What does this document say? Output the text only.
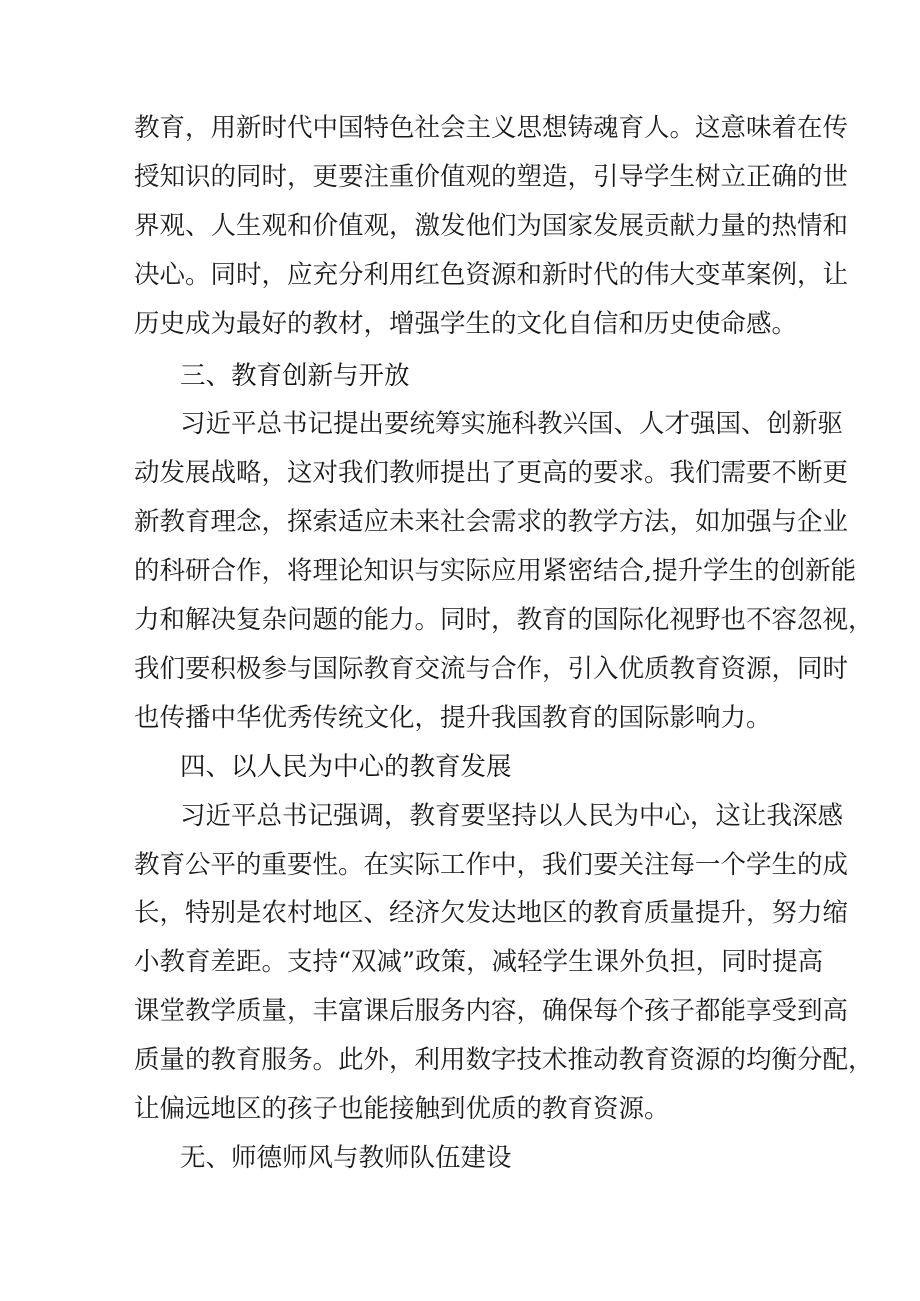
教育，用新时代中国特色社会主义思想铸魂育人。这意味着在传

授知识的同时，更要注重价值观的塑造，引导学生树立正确的世

界观、人生观和价值观，激发他们为国家发展贡献力量的热情和

决心。同时，应充分利用红色资源和新时代的伟大变革案例，让

历史成为最好的教材，增强学生的文化自信和历史使命感。

三、教育创新与开放

习近平总书记提出要统筹实施科教兴国、人才强国、创新驱

动发展战略，这对我们教师提出了更高的要求。我们需要不断更

新教育理念，探索适应未来社会需求的教学方法，如加强与企业

的科研合作，将理论知识与实际应用紧密结合,提升学生的创新能

力和解决复杂问题的能力。同时，教育的国际化视野也不容忽视，

我们要积极参与国际教育交流与合作，引入优质教育资源，同时

也传播中华优秀传统文化，提升我国教育的国际影响力。

四、以人民为中心的教育发展

习近平总书记强调，教育要坚持以人民为中心，这让我深感

教育公平的重要性。在实际工作中，我们要关注每一个学生的成

长，特别是农村地区、经济欠发达地区的教育质量提升，努力缩

小教育差距。支持“双减”政策，减轻学生课外负担，同时提高

课堂教学质量，丰富课后服务内容，确保每个孩子都能享受到高

质量的教育服务。此外，利用数字技术推动教育资源的均衡分配，

让偏远地区的孩子也能接触到优质的教育资源。

无、师德师风与教师队伍建设
